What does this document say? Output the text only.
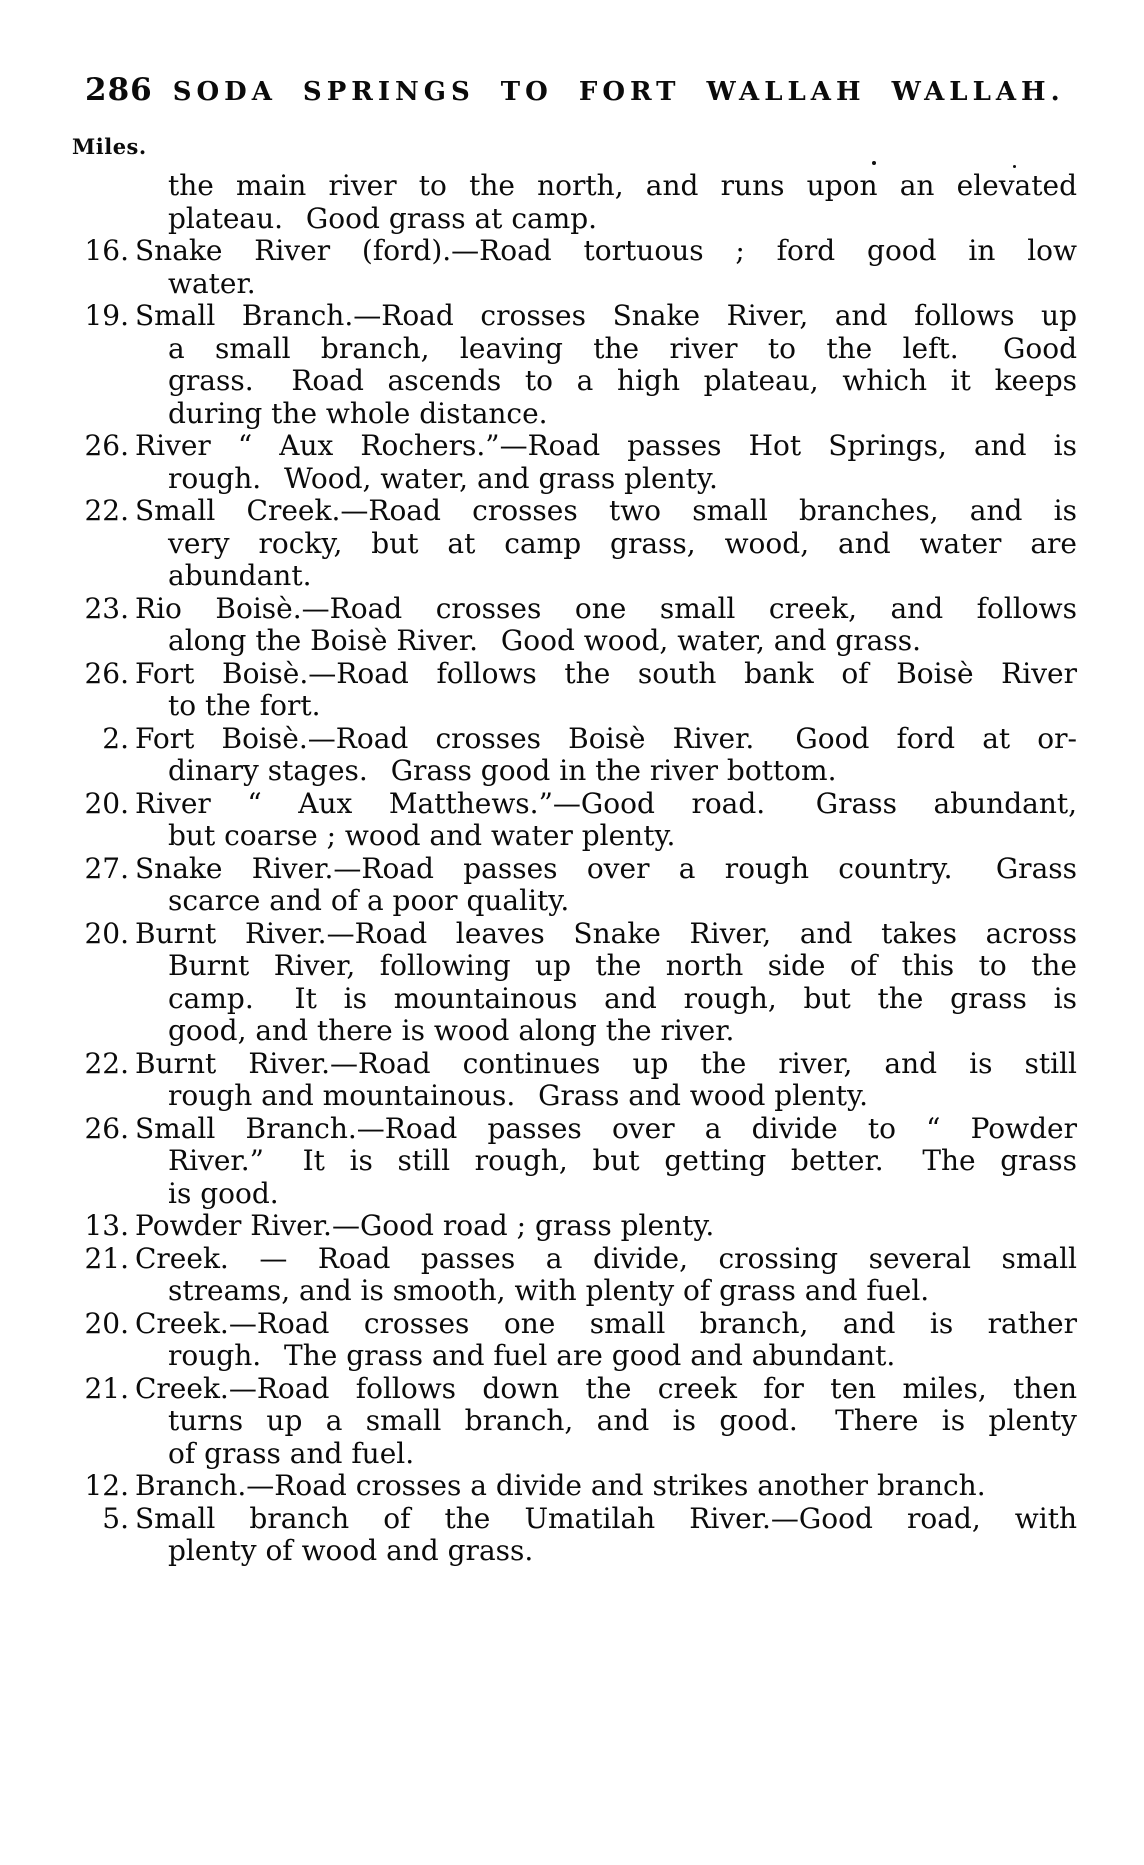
286 SODA SPRINGS TO FORT WALLAH WALLAH.
Miles.
the main river to the north, and runs upon an elevated
plateau.  Good grass at camp.
16. Snake River (ford).—Road tortuous ; ford good in low
water.
19. Small Branch.—Road crosses Snake River, and follows up
a small branch, leaving the river to the left.  Good
grass.  Road ascends to a high plateau, which it keeps
during the whole distance.
26. River “ Aux Rochers.”—Road passes Hot Springs, and is
rough.  Wood, water, and grass plenty.
22. Small Creek.—Road crosses two small branches, and is
very rocky, but at camp grass, wood, and water are
abundant.
23. Rio Boisè.—Road crosses one small creek, and follows
along the Boisè River.  Good wood, water, and grass.
26. Fort Boisè.—Road follows the south bank of Boisè River
to the fort.
2. Fort Boisè.—Road crosses Boisè River.  Good ford at or-
dinary stages.  Grass good in the river bottom.
20. River “ Aux Matthews.”—Good road.  Grass abundant,
but coarse ; wood and water plenty.
27. Snake River.—Road passes over a rough country.  Grass
scarce and of a poor quality.
20. Burnt River.—Road leaves Snake River, and takes across
Burnt River, following up the north side of this to the
camp.  It is mountainous and rough, but the grass is
good, and there is wood along the river.
22. Burnt River.—Road continues up the river, and is still
rough and mountainous.  Grass and wood plenty.
26. Small Branch.—Road passes over a divide to “ Powder
River.”  It is still rough, but getting better.  The grass
is good.
13. Powder River.—Good road ; grass plenty.
21. Creek. — Road passes a divide, crossing several small
streams, and is smooth, with plenty of grass and fuel.
20. Creek.—Road crosses one small branch, and is rather
rough.  The grass and fuel are good and abundant.
21. Creek.—Road follows down the creek for ten miles, then
turns up a small branch, and is good.  There is plenty
of grass and fuel.
12. Branch.—Road crosses a divide and strikes another branch.
5. Small branch of the Umatilah River.—Good road, with
plenty of wood and grass.
